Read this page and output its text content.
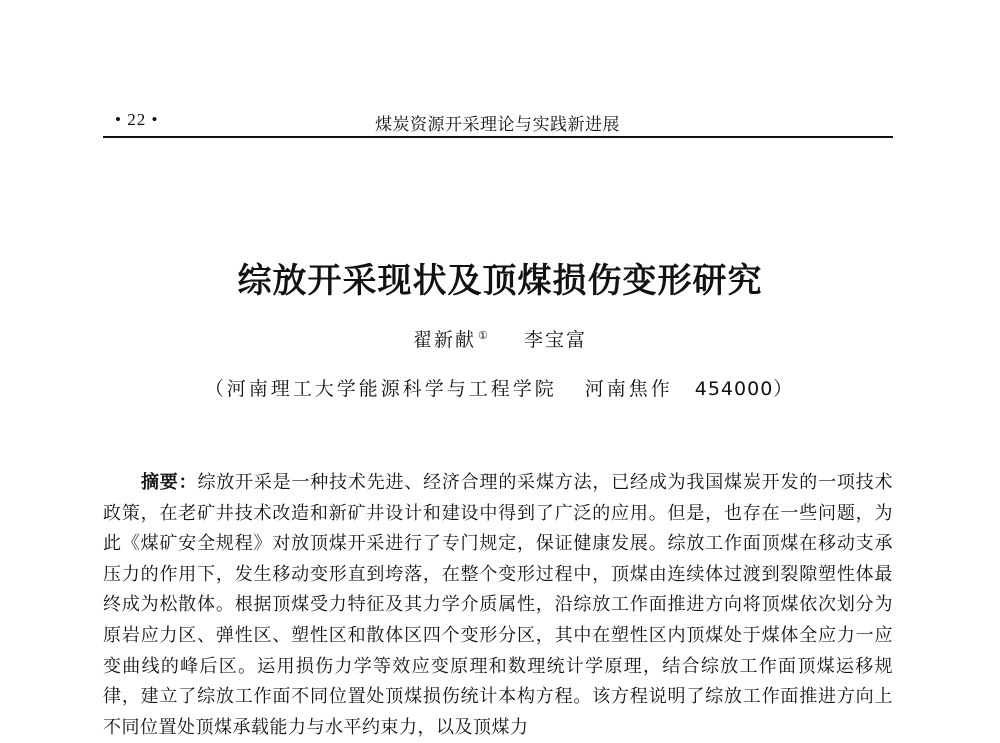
• 22 •	煤炭资源开采理论与实践新进展
综放开采现状及顶煤损伤变形研究
翟新献 ① 李宝富
（河南理工大学能源科学与工程学院 河南焦作 454000）
摘要：综放开采是一种技术先进、经济合理的采煤方法，已经成为我国煤炭开发的一项技术政策，在老矿井技术改造和新矿井设计和建设中得到了广泛的应用。但是，也存在一些问题，为此《煤矿安全规程》对放顶煤开采进行了专门规定，保证健康发展。综放工作面顶煤在移动支承压力的作用下，发生移动变形直到垮落，在整个变形过程中，顶煤由连续体过渡到裂隙塑性体最终成为松散体。根据顶煤受力特征及其力学介质属性，沿综放工作面推进方向将顶煤依次划分为原岩应力区、弹性区、塑性区和散体区四个变形分区，其中在塑性区内顶煤处于煤体全应力一应变曲线的峰后区。运用损伤力学等效应变原理和数理统计学原理，结合综放工作面顶煤运移规律，建立了综放工作面不同位置处顶煤损伤统计本构方程。该方程说明了综放工作面推进方向上不同位置处顶煤承载能力与水平约束力，以及顶煤力
